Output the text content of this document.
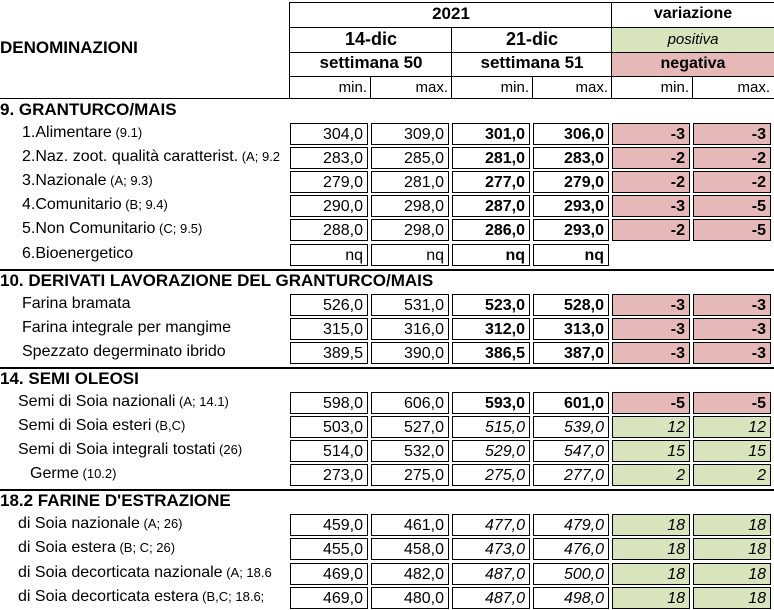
DENOMINAZIONI
2021
14-dic	21-dic
settimana 50	settimana 51
variazione
positiva
negativa
min.	max.	min.	max.	min.	max.
9. GRANTURCO/MAIS
1.Alimentare (9.1)	304,0	309,0	301,0	306,0	-3	-3
2.Naz. zoot. qualità caratterist. (A; 9.2	283,0	285,0	281,0	283,0	-2	-2
3.Nazionale (A; 9.3)	279,0	281,0	277,0	279,0	-2	-2
4.Comunitario (B; 9.4)	290,0	298,0	287,0	293,0	-3	-5
5.Non Comunitario (C; 9.5)	288,0	298,0	286,0	293,0	-2	-5
6.Bioenergetico	nq	nq	nq	nq
10. DERIVATI LAVORAZIONE DEL GRANTURCO/MAIS
Farina bramata	526,0	531,0	523,0	528,0	-3	-3
Farina integrale per mangime	315,0	316,0	312,0	313,0	-3	-3
Spezzato degerminato ibrido	389,5	390,0	386,5	387,0	-3	-3
14. SEMI OLEOSI
Semi di Soia nazionali (A; 14.1)	598,0	606,0	593,0	601,0	-5	-5
Semi di Soia esteri (B,C)	503,0	527,0	515,0	539,0	12	12
Semi di Soia integrali tostati (26)	514,0	532,0	529,0	547,0	15	15
Germe (10.2)	273,0	275,0	275,0	277,0	2	2
18.2 FARINE D'ESTRAZIONE
di Soia nazionale (A; 26)	459,0	461,0	477,0	479,0	18	18
di Soia estera (B; C; 26)	455,0	458,0	473,0	476,0	18	18
di Soia decorticata nazionale (A; 18.6	469,0	482,0	487,0	500,0	18	18
di Soia decorticata estera (B,C; 18.6;	469,0	480,0	487,0	498,0	18	18
